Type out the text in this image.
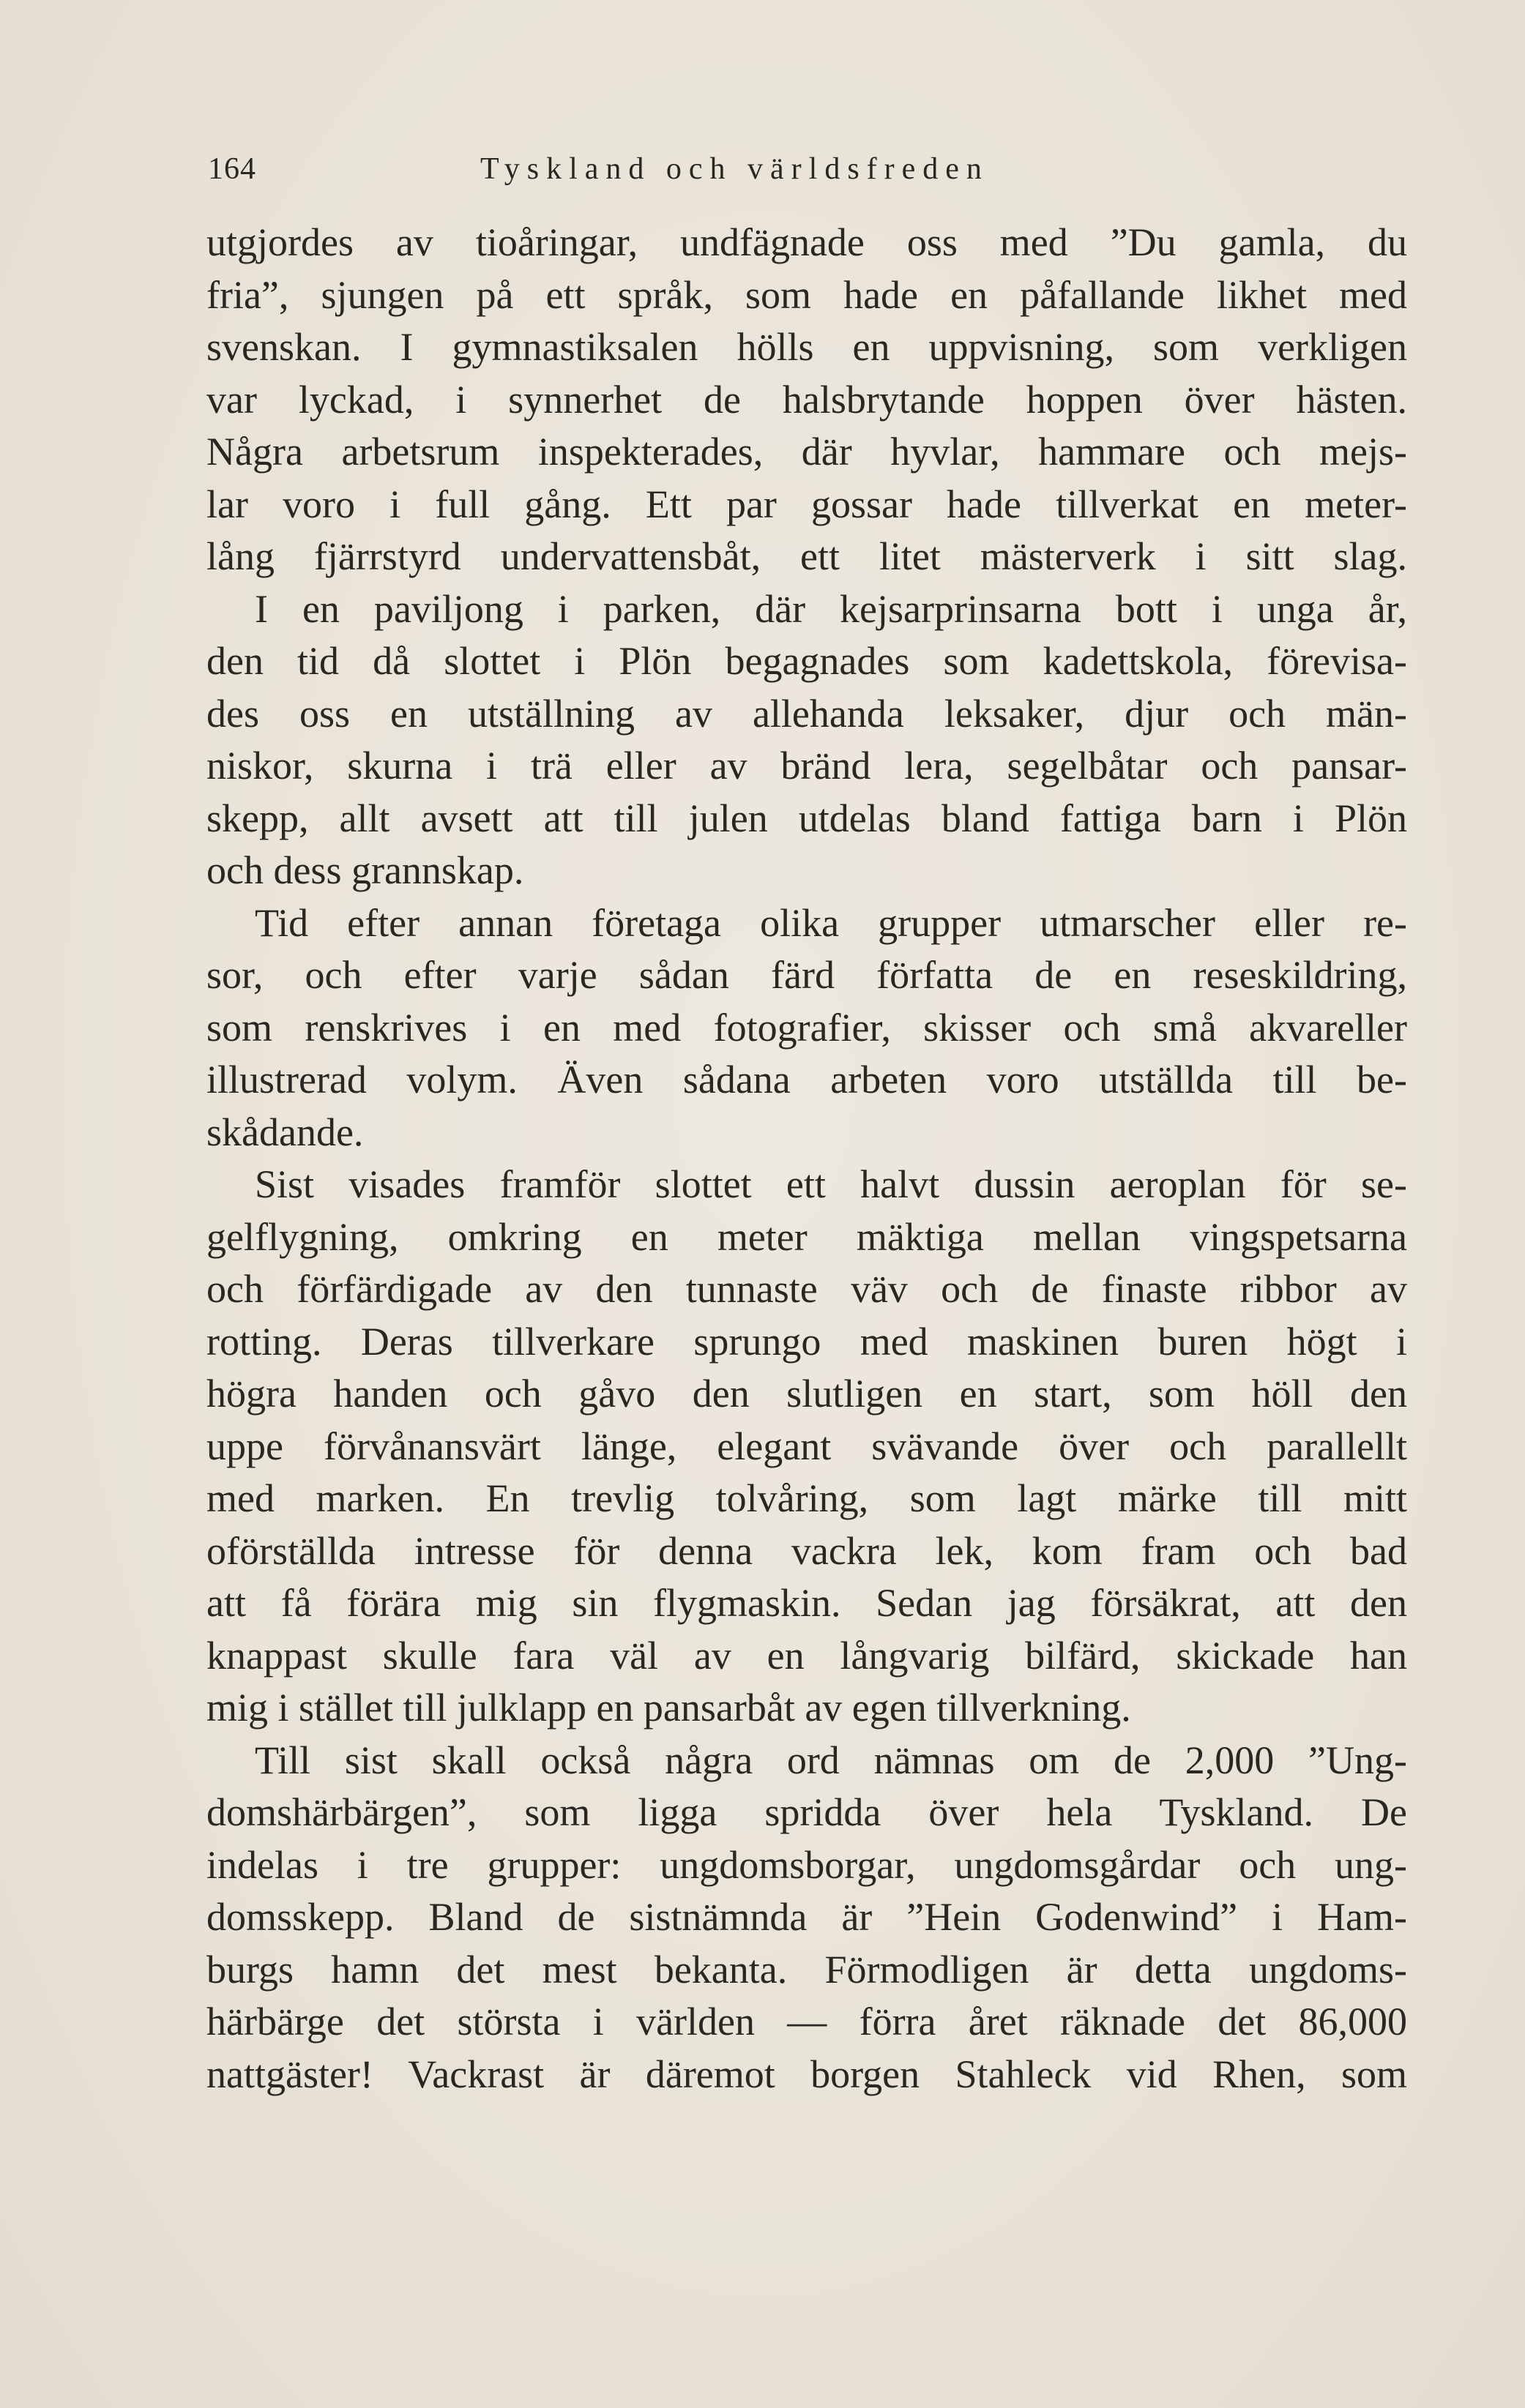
164	Tyskland och världsfreden
utgjordes av tioåringar, undfägnade oss med ”Du gamla, du
fria”, sjungen på ett språk, som hade en påfallande likhet med
svenskan. I gymnastiksalen hölls en uppvisning, som verkligen
var lyckad, i synnerhet de halsbrytande hoppen över hästen.
Några arbetsrum inspekterades, där hyvlar, hammare och mejs-
lar voro i full gång. Ett par gossar hade tillverkat en meter-
lång fjärrstyrd undervattensbåt, ett litet mästerverk i sitt slag.
I en paviljong i parken, där kejsarprinsarna bott i unga år,
den tid då slottet i Plön begagnades som kadettskola, förevisa-
des oss en utställning av allehanda leksaker, djur och män-
niskor, skurna i trä eller av bränd lera, segelbåtar och pansar-
skepp, allt avsett att till julen utdelas bland fattiga barn i Plön
och dess grannskap.
Tid efter annan företaga olika grupper utmarscher eller re-
sor, och efter varje sådan färd författa de en reseskildring,
som renskrives i en med fotografier, skisser och små akvareller
illustrerad volym. Även sådana arbeten voro utställda till be-
skådande.
Sist visades framför slottet ett halvt dussin aeroplan för se-
gelflygning, omkring en meter mäktiga mellan vingspetsarna
och förfärdigade av den tunnaste väv och de finaste ribbor av
rotting. Deras tillverkare sprungo med maskinen buren högt i
högra handen och gåvo den slutligen en start, som höll den
uppe förvånansvärt länge, elegant svävande över och parallellt
med marken. En trevlig tolvåring, som lagt märke till mitt
oförställda intresse för denna vackra lek, kom fram och bad
att få förära mig sin flygmaskin. Sedan jag försäkrat, att den
knappast skulle fara väl av en långvarig bilfärd, skickade han
mig i stället till julklapp en pansarbåt av egen tillverkning.
Till sist skall också några ord nämnas om de 2,000 ”Ung-
domshärbärgen”, som ligga spridda över hela Tyskland. De
indelas i tre grupper: ungdomsborgar, ungdomsgårdar och ung-
domsskepp. Bland de sistnämnda är ”Hein Godenwind” i Ham-
burgs hamn det mest bekanta. Förmodligen är detta ungdoms-
härbärge det största i världen — förra året räknade det 86,000
nattgäster! Vackrast är däremot borgen Stahleck vid Rhen, som
